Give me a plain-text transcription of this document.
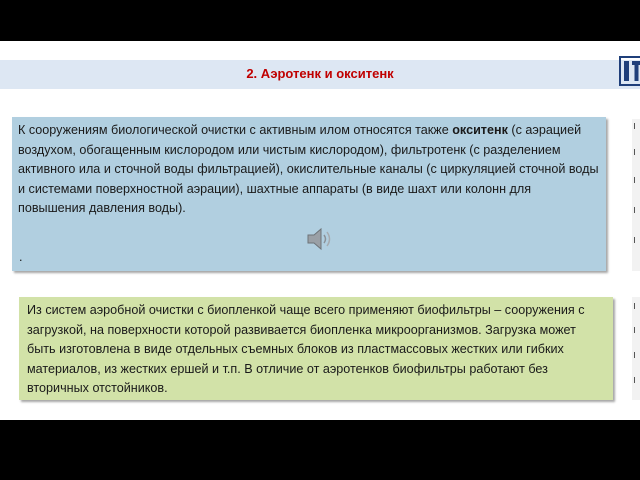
2. Аэротенк и окситенк

К сооружениям биологической очистки с активным илом относятся также окситенк (с аэрацией воздухом, обогащенным кислородом или чистым кислородом), фильтротенк (с разделением активного ила и сточной воды фильтрацией), окислительные каналы (с циркуляцией сточной воды и системами поверхностной аэрации), шахтные аппараты (в виде шахт или колонн для повышения давления воды).

.

Из систем аэробной очистки с биопленкой чаще всего применяют биофильтры – сооружения с загрузкой, на поверхности которой развивается биопленка микроорганизмов. Загрузка может быть изготовлена в виде отдельных съемных блоков из пластмассовых жестких или гибких материалов, из жестких ершей и т.п. В отличие от аэротенков биофильтры работают без вторичных отстойников.
